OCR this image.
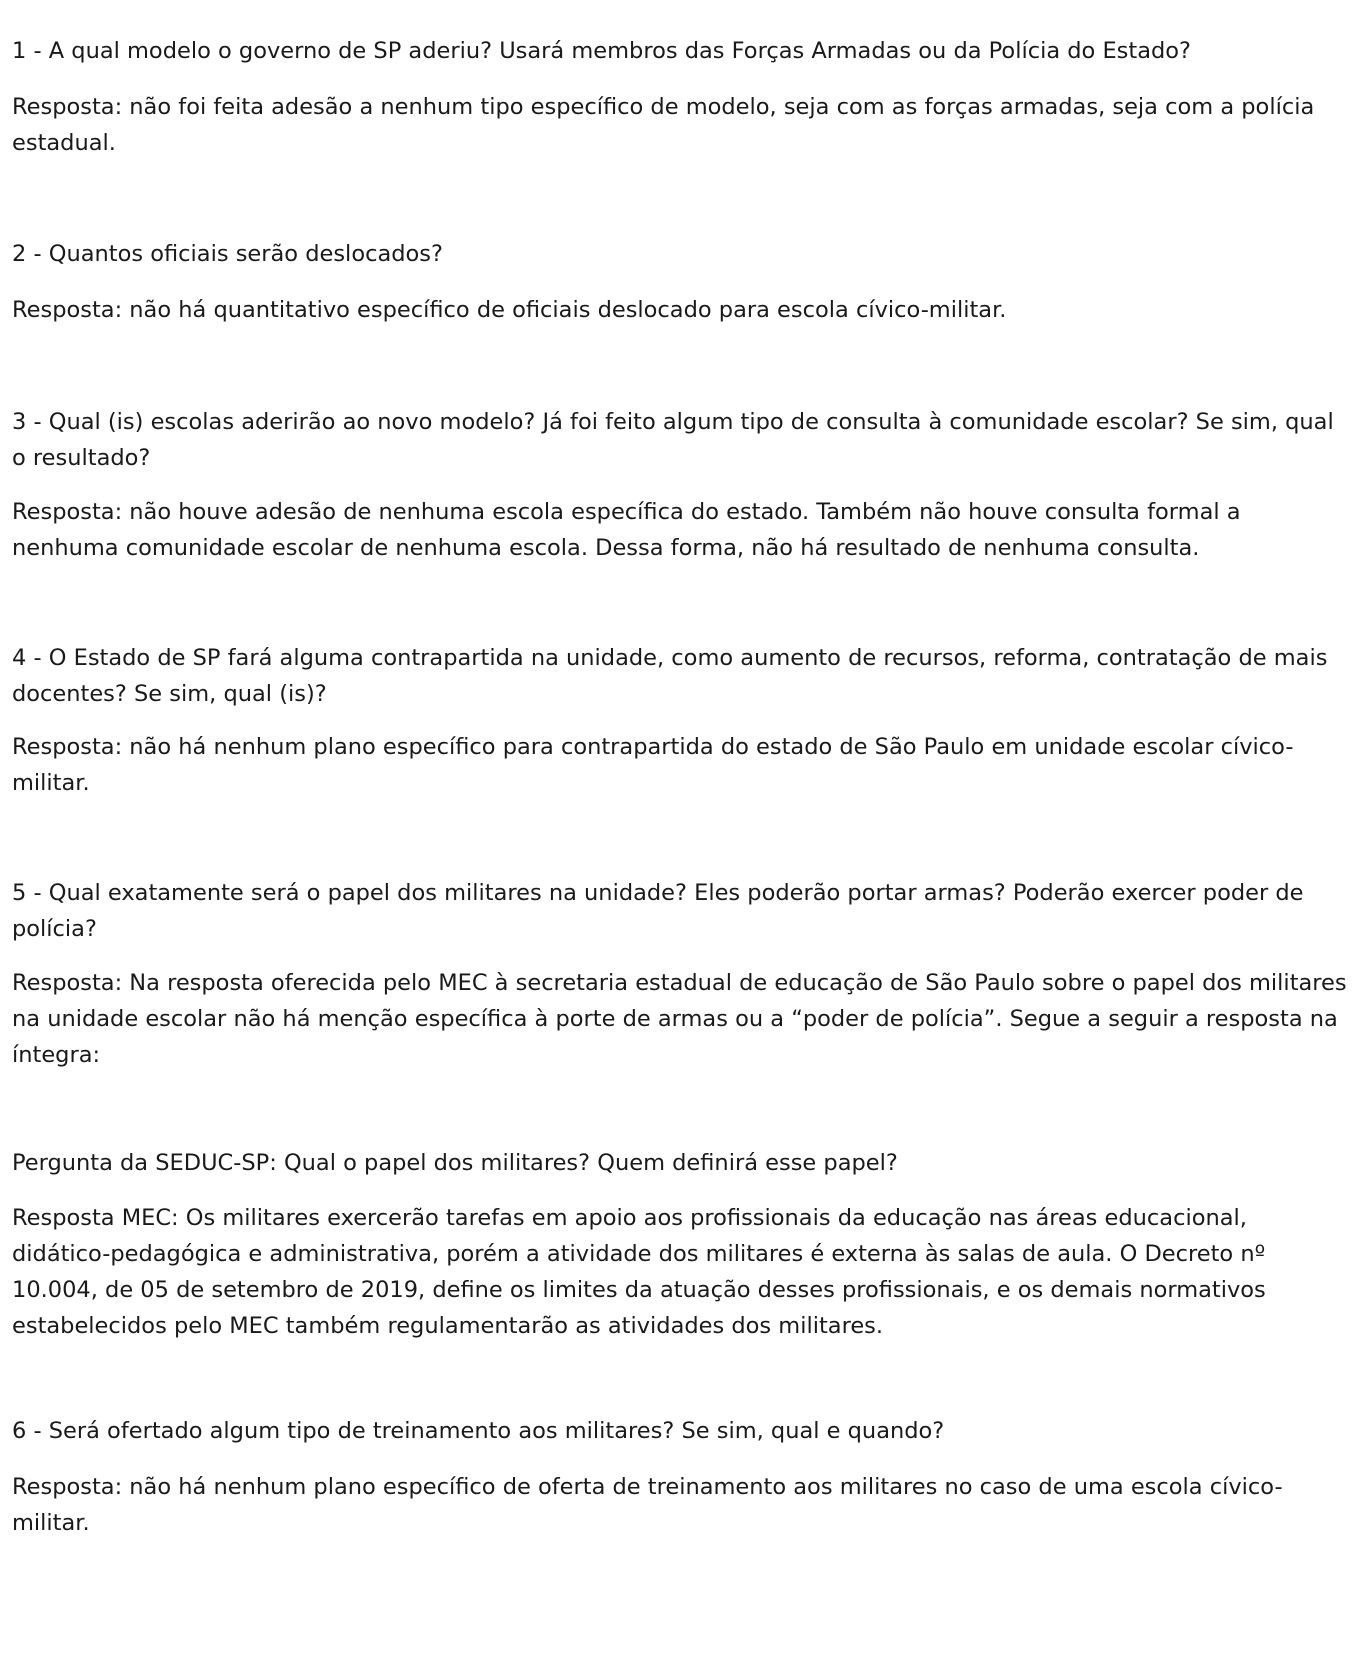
1 - A qual modelo o governo de SP aderiu? Usará membros das Forças Armadas ou da Polícia do Estado?

Resposta: não foi feita adesão a nenhum tipo específico de modelo, seja com as forças armadas, seja com a polícia estadual.

2 - Quantos oficiais serão deslocados?

Resposta: não há quantitativo específico de oficiais deslocado para escola cívico-militar.

3 - Qual (is) escolas aderirão ao novo modelo? Já foi feito algum tipo de consulta à comunidade escolar? Se sim, qual o resultado?

Resposta: não houve adesão de nenhuma escola específica do estado. Também não houve consulta formal a nenhuma comunidade escolar de nenhuma escola. Dessa forma, não há resultado de nenhuma consulta.

4 - O Estado de SP fará alguma contrapartida na unidade, como aumento de recursos, reforma, contratação de mais docentes? Se sim, qual (is)?

Resposta: não há nenhum plano específico para contrapartida do estado de São Paulo em unidade escolar cívico-militar.

5 - Qual exatamente será o papel dos militares na unidade? Eles poderão portar armas? Poderão exercer poder de polícia?

Resposta: Na resposta oferecida pelo MEC à secretaria estadual de educação de São Paulo sobre o papel dos militares na unidade escolar não há menção específica à porte de armas ou a “poder de polícia”. Segue a seguir a resposta na íntegra:

Pergunta da SEDUC-SP: Qual o papel dos militares? Quem definirá esse papel?

Resposta MEC: Os militares exercerão tarefas em apoio aos profissionais da educação nas áreas educacional, didático-pedagógica e administrativa, porém a atividade dos militares é externa às salas de aula. O Decreto nº 10.004, de 05 de setembro de 2019, define os limites da atuação desses profissionais, e os demais normativos estabelecidos pelo MEC também regulamentarão as atividades dos militares.

6 - Será ofertado algum tipo de treinamento aos militares? Se sim, qual e quando?

Resposta: não há nenhum plano específico de oferta de treinamento aos militares no caso de uma escola cívico-militar.
